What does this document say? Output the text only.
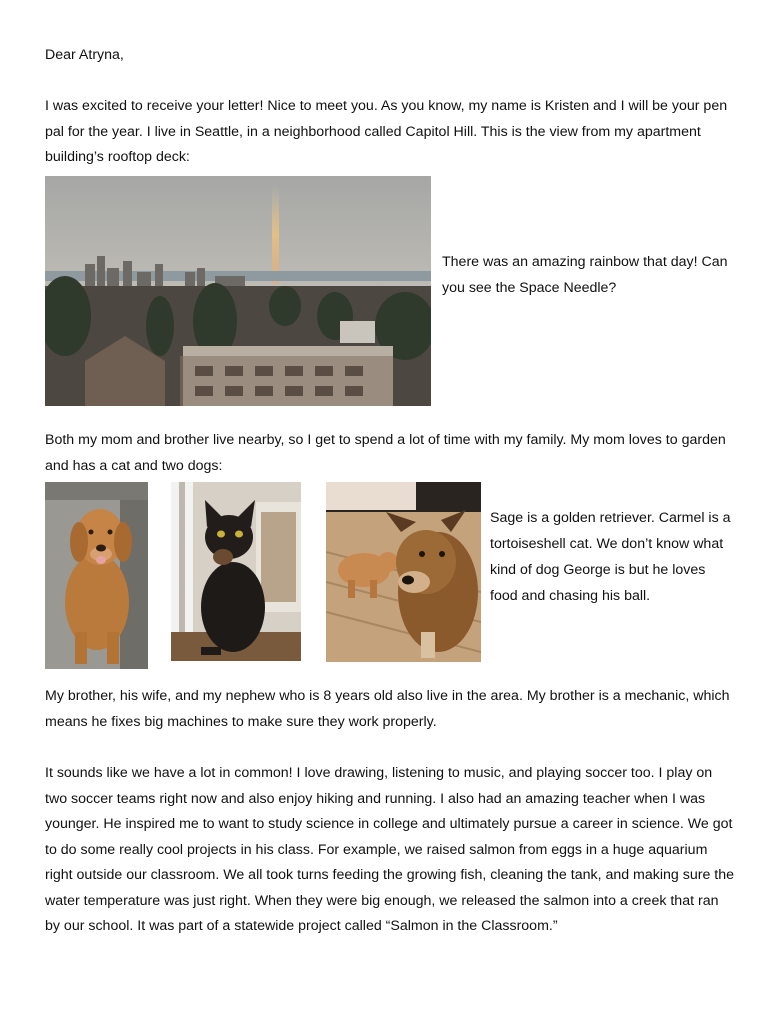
Dear Atryna,

I was excited to receive your letter! Nice to meet you. As you know, my name is Kristen and I will be your pen pal for the year. I live in Seattle, in a neighborhood called Capitol Hill. This is the view from my apartment building’s rooftop deck:

There was an amazing rainbow that day! Can you see the Space Needle?

Both my mom and brother live nearby, so I get to spend a lot of time with my family. My mom loves to garden and has a cat and two dogs:

Sage is a golden retriever. Carmel is a tortoiseshell cat. We don’t know what kind of dog George is but he loves food and chasing his ball.

My brother, his wife, and my nephew who is 8 years old also live in the area. My brother is a mechanic, which means he fixes big machines to make sure they work properly.

It sounds like we have a lot in common! I love drawing, listening to music, and playing soccer too. I play on two soccer teams right now and also enjoy hiking and running. I also had an amazing teacher when I was younger. He inspired me to want to study science in college and ultimately pursue a career in science. We got to do some really cool projects in his class. For example, we raised salmon from eggs in a huge aquarium right outside our classroom. We all took turns feeding the growing fish, cleaning the tank, and making sure the water temperature was just right. When they were big enough, we released the salmon into a creek that ran by our school. It was part of a statewide project called “Salmon in the Classroom.”
